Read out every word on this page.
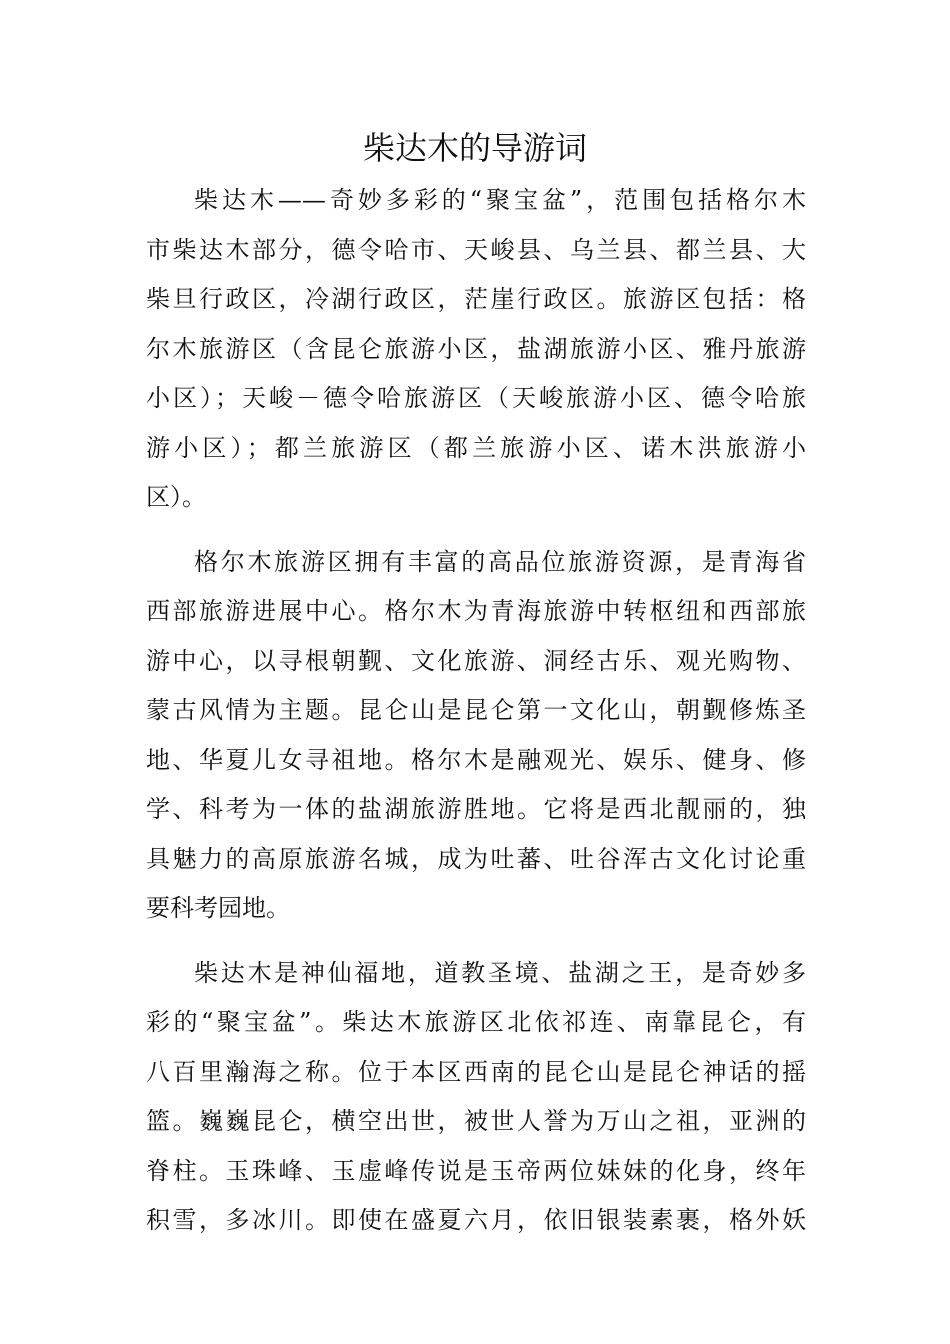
柴达木的导游词
柴达木——奇妙多彩的“聚宝盆”，范围包括格尔木
市柴达木部分，德令哈市、天峻县、乌兰县、都兰县、大
柴旦行政区，冷湖行政区，茫崖行政区。旅游区包括：格
尔木旅游区（含昆仑旅游小区，盐湖旅游小区、雅丹旅游
小区）；天峻－德令哈旅游区（天峻旅游小区、德令哈旅
游小区）；都兰旅游区（都兰旅游小区、诺木洪旅游小
区）。
格尔木旅游区拥有丰富的高品位旅游资源，是青海省
西部旅游进展中心。格尔木为青海旅游中转枢纽和西部旅
游中心，以寻根朝觐、文化旅游、洞经古乐、观光购物、
蒙古风情为主题。昆仑山是昆仑第一文化山，朝觐修炼圣
地、华夏儿女寻祖地。格尔木是融观光、娱乐、健身、修
学、科考为一体的盐湖旅游胜地。它将是西北靓丽的，独
具魅力的高原旅游名城，成为吐蕃、吐谷浑古文化讨论重
要科考园地。
柴达木是神仙福地，道教圣境、盐湖之王，是奇妙多
彩的“聚宝盆”。柴达木旅游区北依祁连、南靠昆仑，有
八百里瀚海之称。位于本区西南的昆仑山是昆仑神话的摇
篮。巍巍昆仑，横空出世，被世人誉为万山之祖，亚洲的
脊柱。玉珠峰、玉虚峰传说是玉帝两位妹妹的化身，终年
积雪，多冰川。即使在盛夏六月，依旧银装素裹，格外妖
